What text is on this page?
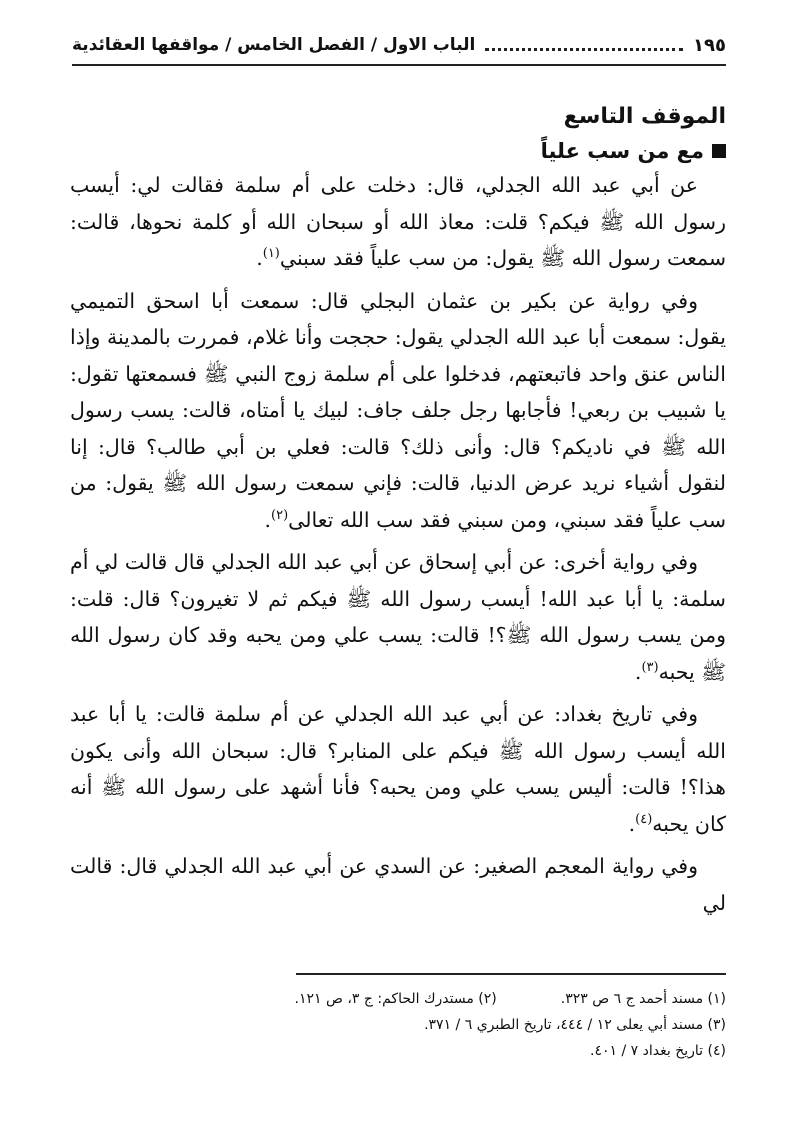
الباب الاول / الفصل الخامس / مواقفها العقائدية	١٩٥
الموقف التاسع
مع من سب علياً

عن أبي عبد الله الجدلي، قال: دخلت على أم سلمة فقالت لي: أيسب رسول الله ﷺ فيكم؟ قلت: معاذ الله أو سبحان الله أو كلمة نحوها، قالت: سمعت رسول الله ﷺ يقول: من سب علياً فقد سبني$^{(١)}$.

وفي رواية عن بكير بن عثمان البجلي قال: سمعت أبا اسحق التميمي يقول: سمعت أبا عبد الله الجدلي يقول: حججت وأنا غلام، فمررت بالمدينة وإذا الناس عنق واحد فاتبعتهم، فدخلوا على أم سلمة زوج النبي ﷺ فسمعتها تقول: يا شبيب بن ربعي! فأجابها رجل جلف جاف: لبيك يا أمتاه، قالت: يسب رسول الله ﷺ في ناديكم؟ قال: وأنى ذلك؟ قالت: فعلي بن أبي طالب؟ قال: إنا لنقول أشياء نريد عرض الدنيا، قالت: فإني سمعت رسول الله ﷺ يقول: من سب علياً فقد سبني، ومن سبني فقد سب الله تعالى$^{(٢)}$.

وفي رواية أخرى: عن أبي إسحاق عن أبي عبد الله الجدلي قال قالت لي أم سلمة: يا أبا عبد الله! أيسب رسول الله ﷺ فيكم ثم لا تغيرون؟ قال: قلت: ومن يسب رسول الله ﷺ؟! قالت: يسب علي ومن يحبه وقد كان رسول الله ﷺ يحبه$^{(٣)}$.

وفي تاريخ بغداد: عن أبي عبد الله الجدلي عن أم سلمة قالت: يا أبا عبد الله أيسب رسول الله ﷺ فيكم على المنابر؟ قال: سبحان الله وأنى يكون هذا؟! قالت: أليس يسب علي ومن يحبه؟ فأنا أشهد على رسول الله ﷺ أنه كان يحبه$^{(٤)}$.

وفي رواية المعجم الصغير: عن السدي عن أبي عبد الله الجدلي قال: قالت لي

(١) مسند أحمد ج ٦ ص ٣٢٣.
(٢) مستدرك الحاكم: ج ٣، ص ١٢١.
(٣) مسند أبي يعلى ١٢ / ٤٤٤، تاريخ الطبري ٦ / ٣٧١.
(٤) تاريخ بغداد ٧ / ٤٠١.
